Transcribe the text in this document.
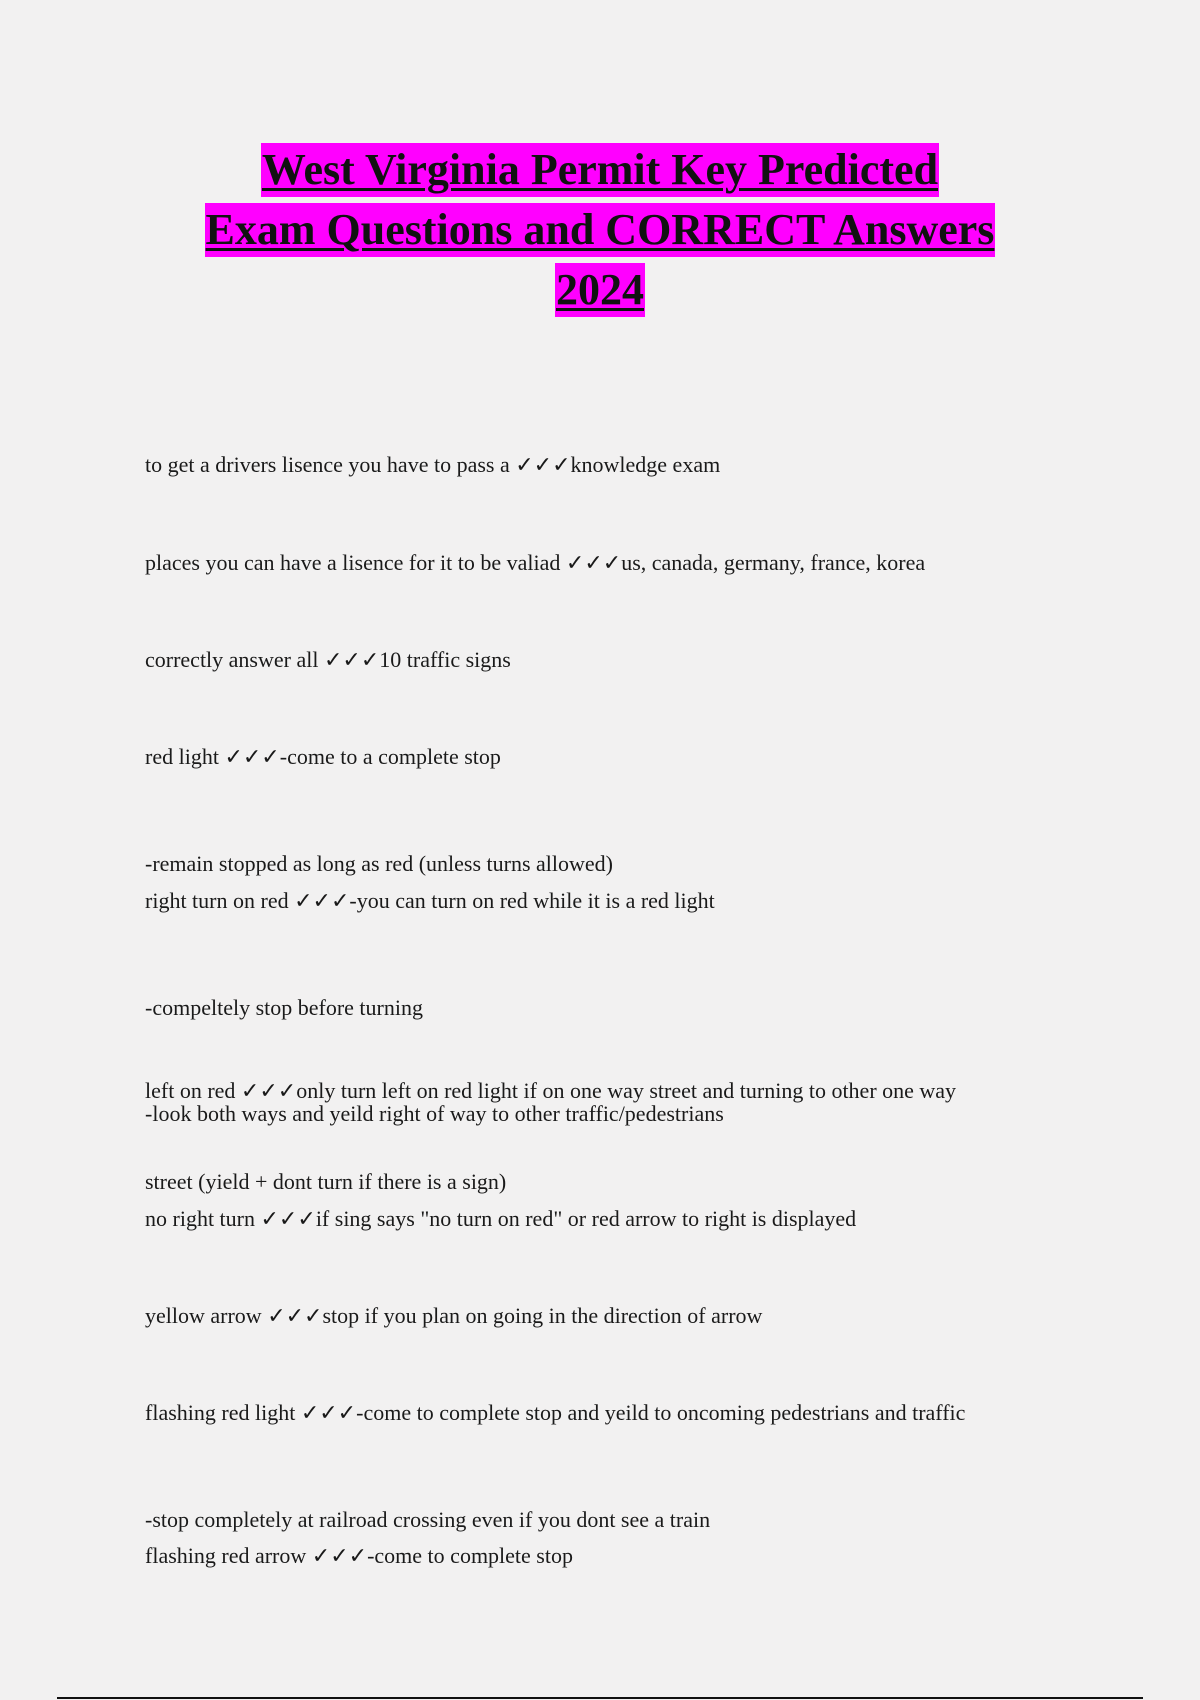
West Virginia Permit Key Predicted
Exam Questions and CORRECT Answers
2024

to get a drivers lisence you have to pass a ✓✓✓knowledge exam

places you can have a lisence for it to be valiad ✓✓✓us, canada, germany, france, korea

correctly answer all ✓✓✓10 traffic signs

red light ✓✓✓-come to a complete stop

-remain stopped as long as red (unless turns allowed)

right turn on red ✓✓✓-you can turn on red while it is a red light

-compeltely stop before turning

-look both ways and yeild right of way to other traffic/pedestrians

left on red ✓✓✓only turn left on red light if on one way street and turning to other one way

street (yield + dont turn if there is a sign)

no right turn ✓✓✓if sing says "no turn on red" or red arrow to right is displayed

yellow arrow ✓✓✓stop if you plan on going in the direction of arrow

flashing red light ✓✓✓-come to complete stop and yeild to oncoming pedestrians and traffic

-stop completely at railroad crossing even if you dont see a train

flashing red arrow ✓✓✓-come to complete stop
